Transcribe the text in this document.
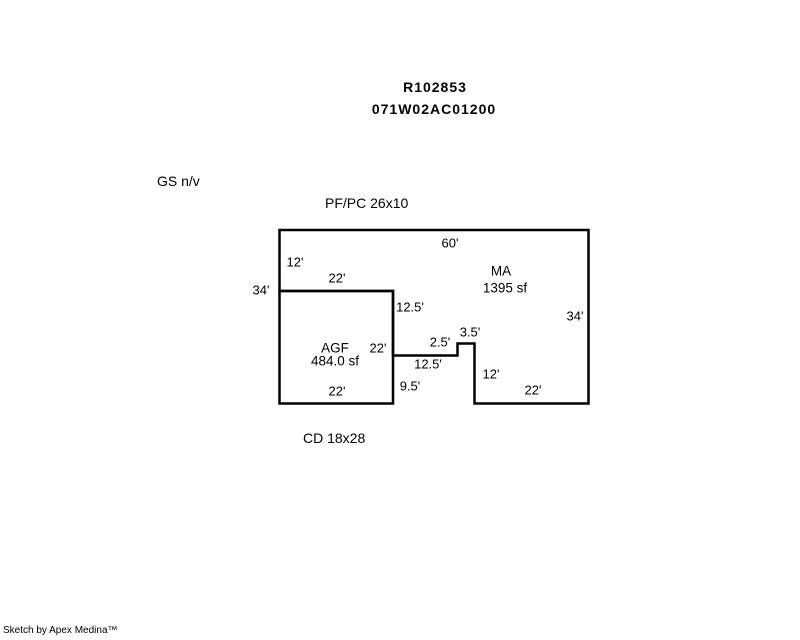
R102853
071W02AC01200
GS n/v
PF/PC 26x10
CD 18x28
60'
12'
22'
34'
12.5'
34'
3.5'
2.5'
22'
12.5'
12'
9.5'
22'	22'
MA
1395 sf
AGF
484.0 sf
Sketch by Apex Medina™
